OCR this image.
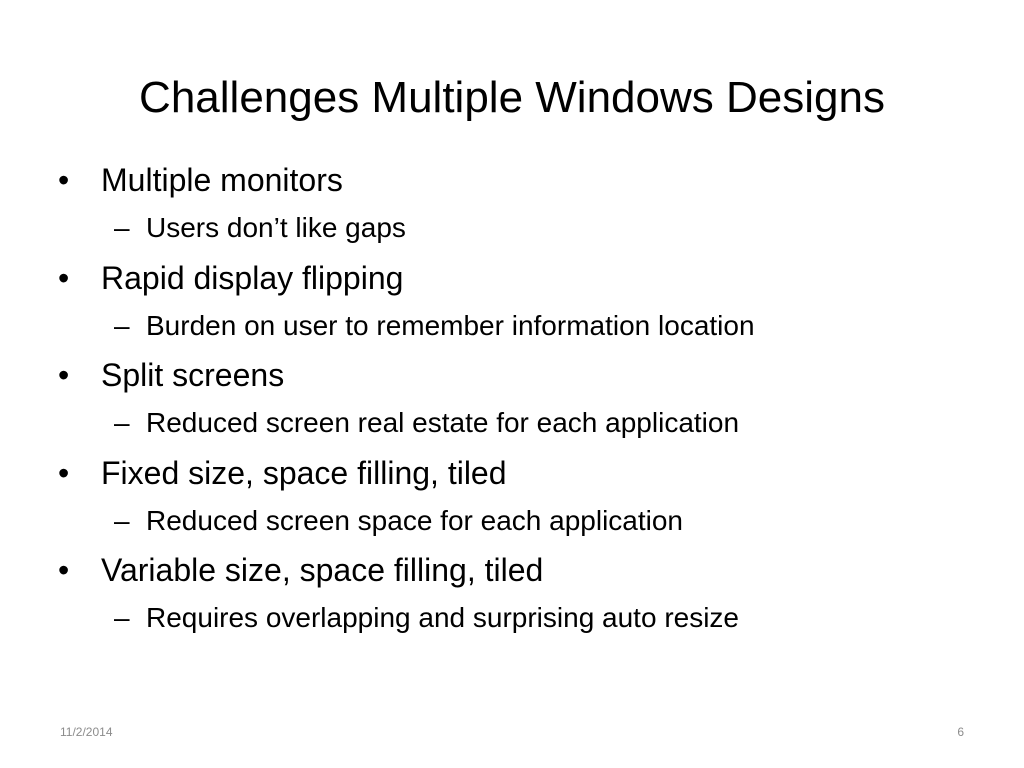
Challenges Multiple Windows Designs
• Multiple monitors
– Users don’t like gaps
• Rapid display flipping
– Burden on user to remember information location
• Split screens
– Reduced screen real estate for each application
• Fixed size, space filling, tiled
– Reduced screen space for each application
• Variable size, space filling, tiled
– Requires overlapping and surprising auto resize
11/2/2014	6
